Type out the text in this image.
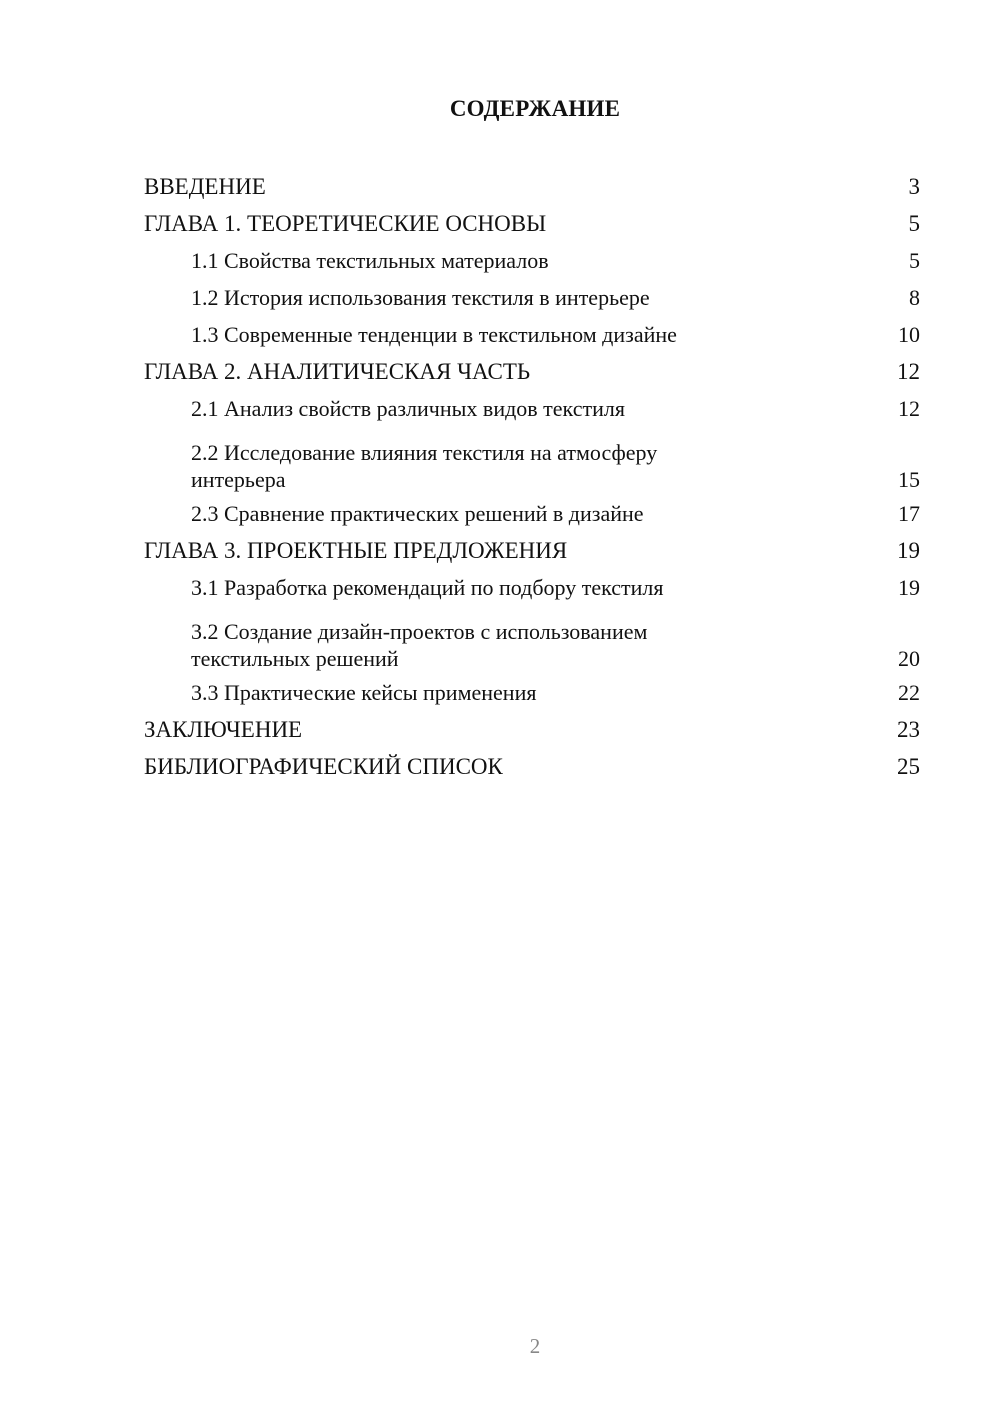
СОДЕРЖАНИЕ
ВВЕДЕНИЕ	3
ГЛАВА 1. ТЕОРЕТИЧЕСКИЕ ОСНОВЫ	5
1.1 Свойства текстильных материалов	5
1.2 История использования текстиля в интерьере	8
1.3 Современные тенденции в текстильном дизайне	10
ГЛАВА 2. АНАЛИТИЧЕСКАЯ ЧАСТЬ	12
2.1 Анализ свойств различных видов текстиля	12
2.2 Исследование влияния текстиля на атмосферу интерьера	15
2.3 Сравнение практических решений в дизайне	17
ГЛАВА 3. ПРОЕКТНЫЕ ПРЕДЛОЖЕНИЯ	19
3.1 Разработка рекомендаций по подбору текстиля	19
3.2 Создание дизайн-проектов с использованием текстильных решений	20
3.3 Практические кейсы применения	22
ЗАКЛЮЧЕНИЕ	23
БИБЛИОГРАФИЧЕСКИЙ СПИСОК	25
2
